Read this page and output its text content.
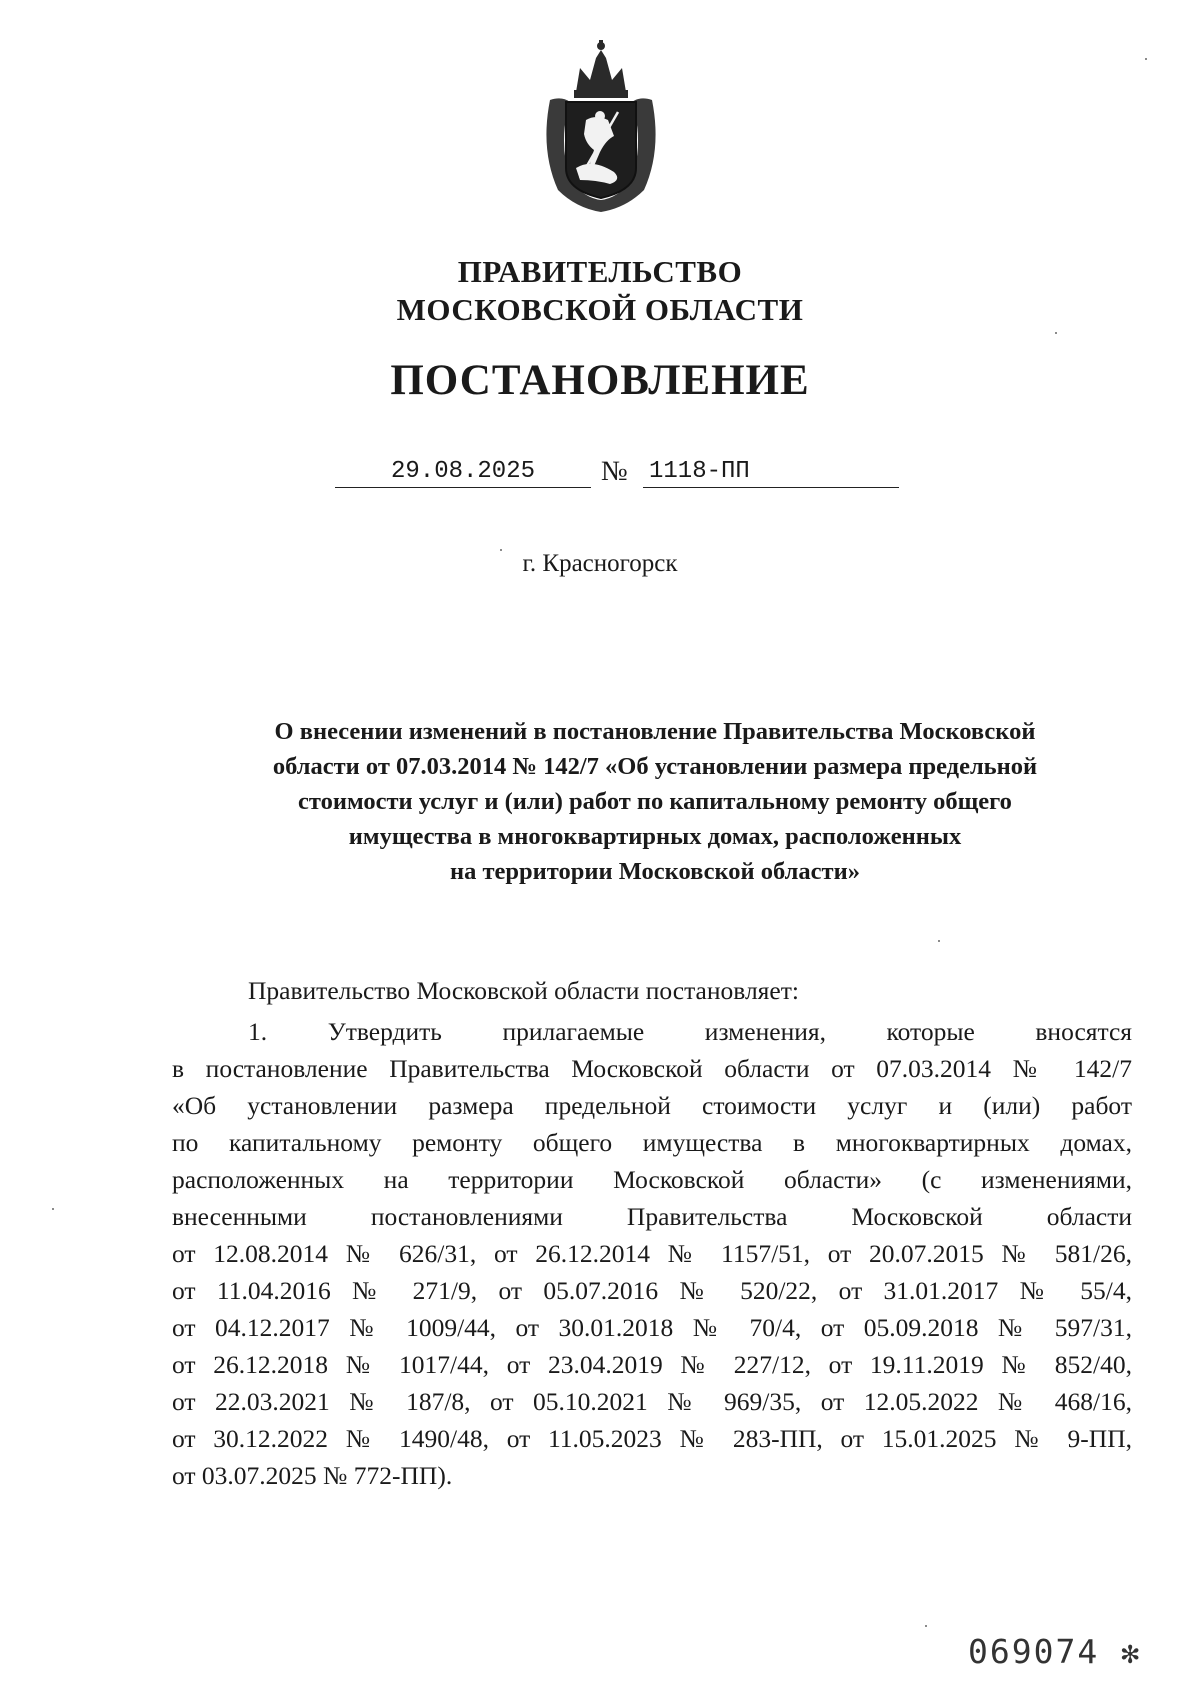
ПРАВИТЕЛЬСТВО
МОСКОВСКОЙ ОБЛАСТИ
ПОСТАНОВЛЕНИЕ
29.08.2025	№ 1118-ПП
г. Красногорск
О внесении изменений в постановление Правительства Московской
области от 07.03.2014 № 142/7 «Об установлении размера предельной
стоимости услуг и (или) работ по капитальному ремонту общего
имущества в многоквартирных домах, расположенных
на территории Московской области»
Правительство Московской области постановляет:
1. Утвердить прилагаемые изменения, которые вносятся
в постановление Правительства Московской области от 07.03.2014 № 142/7
«Об установлении размера предельной стоимости услуг и (или) работ
по капитальному ремонту общего имущества в многоквартирных домах,
расположенных на территории Московской области» (с изменениями,
внесенными постановлениями Правительства Московской области
от 12.08.2014 № 626/31, от 26.12.2014 № 1157/51, от 20.07.2015 № 581/26,
от 11.04.2016 № 271/9, от 05.07.2016 № 520/22, от 31.01.2017 № 55/4,
от 04.12.2017 № 1009/44, от 30.01.2018 № 70/4, от 05.09.2018 № 597/31,
от 26.12.2018 № 1017/44, от 23.04.2019 № 227/12, от 19.11.2019 № 852/40,
от 22.03.2021 № 187/8, от 05.10.2021 № 969/35, от 12.05.2022 № 468/16,
от 30.12.2022 № 1490/48, от 11.05.2023 № 283-ПП, от 15.01.2025 № 9-ПП,
от 03.07.2025 № 772-ПП).
069074 ✻
